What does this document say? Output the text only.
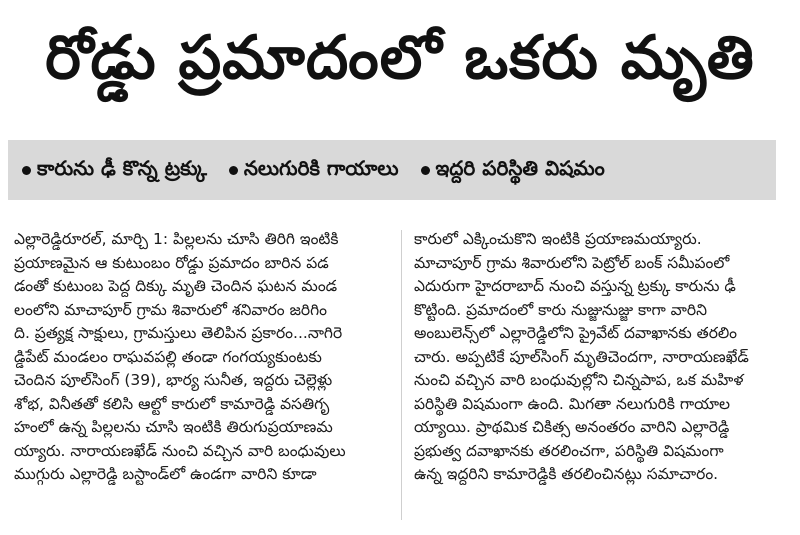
రోడ్డు ప్రమాదంలో ఒకరు మృతి
కారును ఢీ కొన్న ట్రక్కు నలుగురికి గాయాలు ఇద్దరి పరిస్థితి విషమం
ఎల్లారెడ్డిరూరల్, మార్చి 1: పిల్లలను చూసి తిరిగి ఇంటికి
ప్రయాణమైన ఆ కుటుంబం రోడ్డు ప్రమాదం బారిన పడ
డంతో కుటుంబ పెద్ద దిక్కు మృతి చెందిన ఘటన మండ
లంలోని మాచాపూర్ గ్రామ శివారులో శనివారం జరిగిం
ది. ప్రత్యక్ష సాక్షులు, గ్రామస్తులు తెలిపిన ప్రకారం...నాగిరె
డ్డిపేట్ మండలం రాఘవపల్లి తండా గంగయ్యకుంటకు
చెందిన పూల్‌సింగ్ (39), భార్య సునీత, ఇద్దరు చెల్లెళ్లు
శోభ, వినీతతో కలిసి ఆల్టో కారులో కామారెడ్డి వసతిగృ
హంలో ఉన్న పిల్లలను చూసి ఇంటికి తిరుగుప్రయాణమ
య్యారు. నారాయణఖేడ్ నుంచి వచ్చిన వారి బంధువులు
ముగ్గురు ఎల్లారెడ్డి బస్టాండ్‌లో ఉండగా వారిని కూడా
కారులో ఎక్కించుకొని ఇంటికి ప్రయాణమయ్యారు.
మాచాపూర్ గ్రామ శివారులోని పెట్రోల్ బంక్ సమీపంలో
ఎదురుగా హైదరాబాద్ నుంచి వస్తున్న ట్రక్కు కారును ఢీ
కొట్టింది. ప్రమాదంలో కారు నుజ్జునుజ్జు కాగా వారిని
అంబులెన్స్‌లో ఎల్లారెడ్డిలోని ప్రైవేట్ దవాఖానకు తరలిం
చారు. అప్పటికే పూల్‌సింగ్ మృతిచెందగా, నారాయణఖేడ్
నుంచి వచ్చిన వారి బంధువుల్లోని చిన్నపాప, ఒక మహిళ
పరిస్థితి విషమంగా ఉంది. మిగతా నలుగురికి గాయాల
య్యాయి. ప్రాథమిక చికిత్స అనంతరం వారిని ఎల్లారెడ్డి
ప్రభుత్వ దవాఖానకు తరలించగా, పరిస్థితి విషమంగా
ఉన్న ఇద్దరిని కామారెడ్డికి తరలించినట్లు సమాచారం.
